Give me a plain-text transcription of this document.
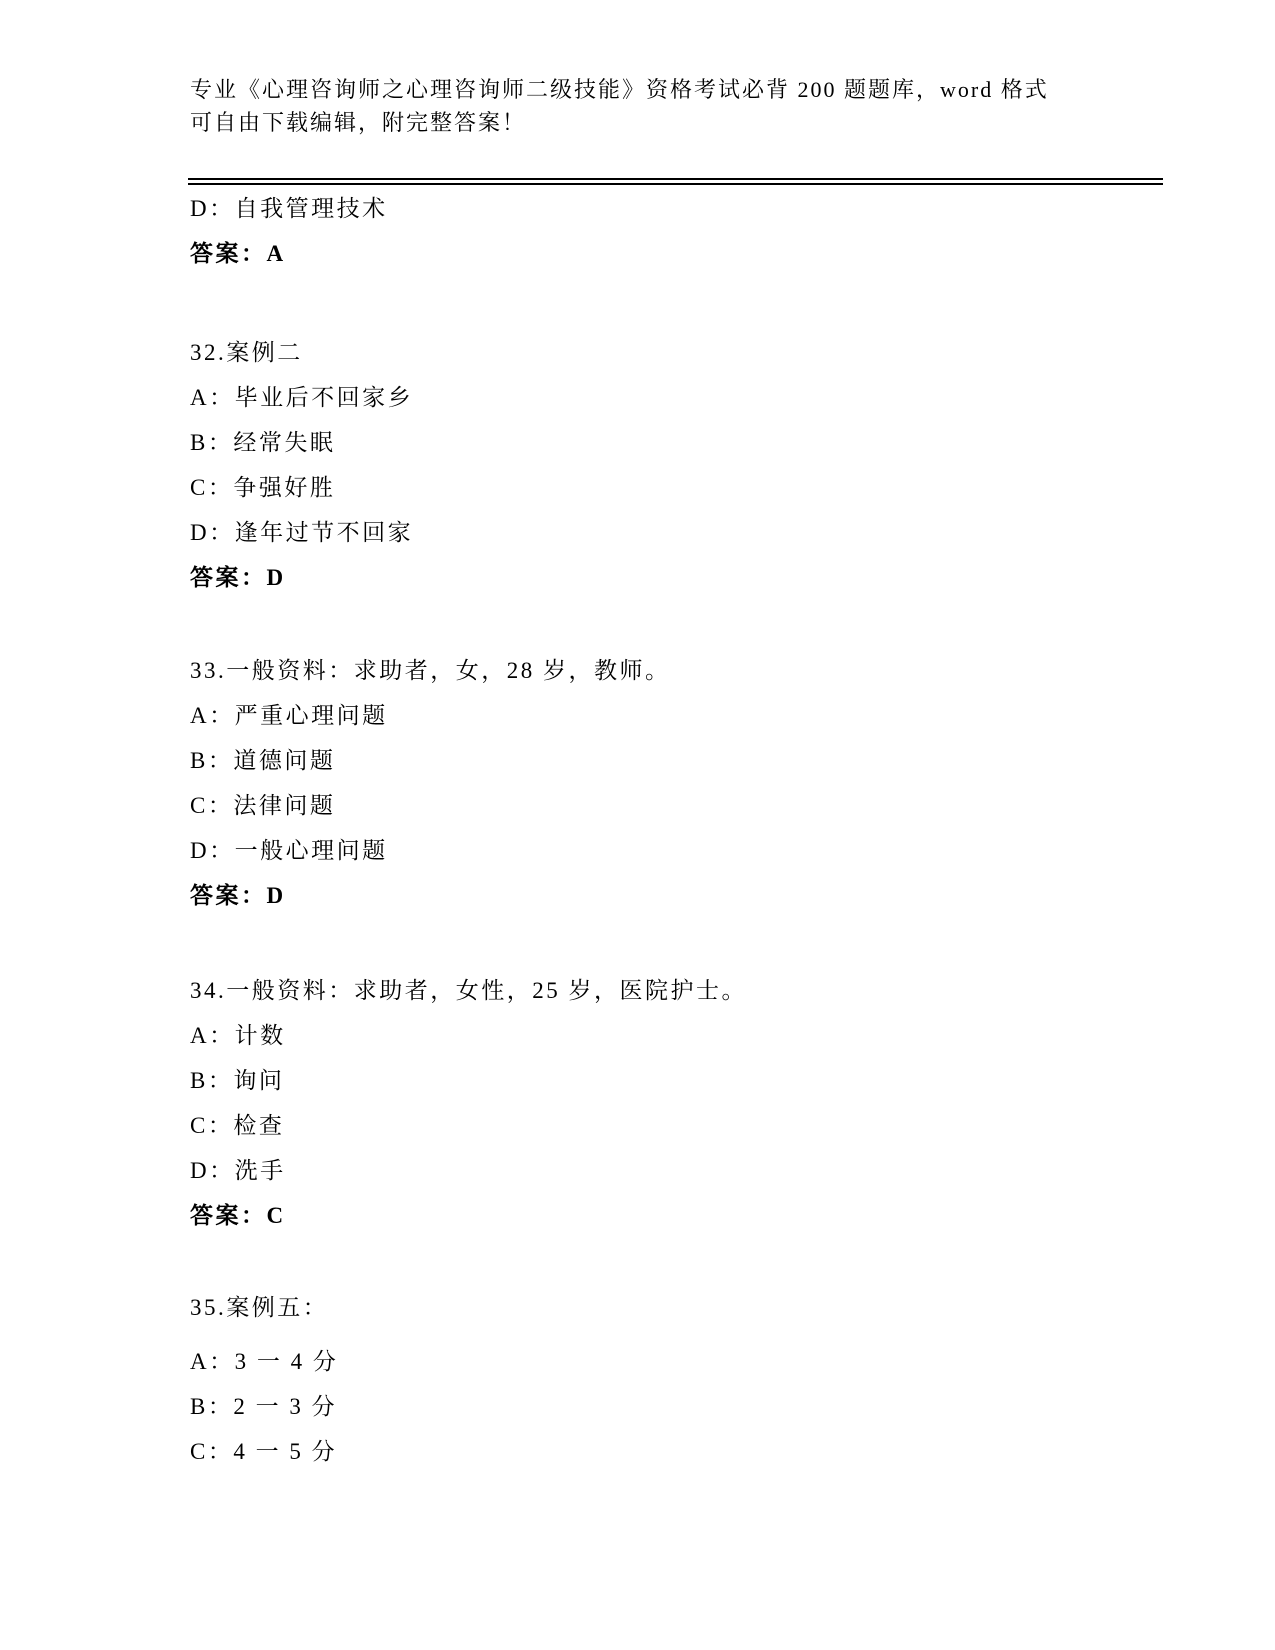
专业《心理咨询师之心理咨询师二级技能》资格考试必背 200 题题库，word 格式
可自由下载编辑，附完整答案！
D：自我管理技术
答案：A
32.案例二
A：毕业后不回家乡
B：经常失眠
C：争强好胜
D：逢年过节不回家
答案：D
33.一般资料：求助者，女，28 岁，教师。
A：严重心理问题
B：道德问题
C：法律问题
D：一般心理问题
答案：D
34.一般资料：求助者，女性，25 岁，医院护士。
A：计数
B：询问
C：检查
D：洗手
答案：C
35.案例五：
A：3 一 4 分
B：2 一 3 分
C：4 一 5 分
